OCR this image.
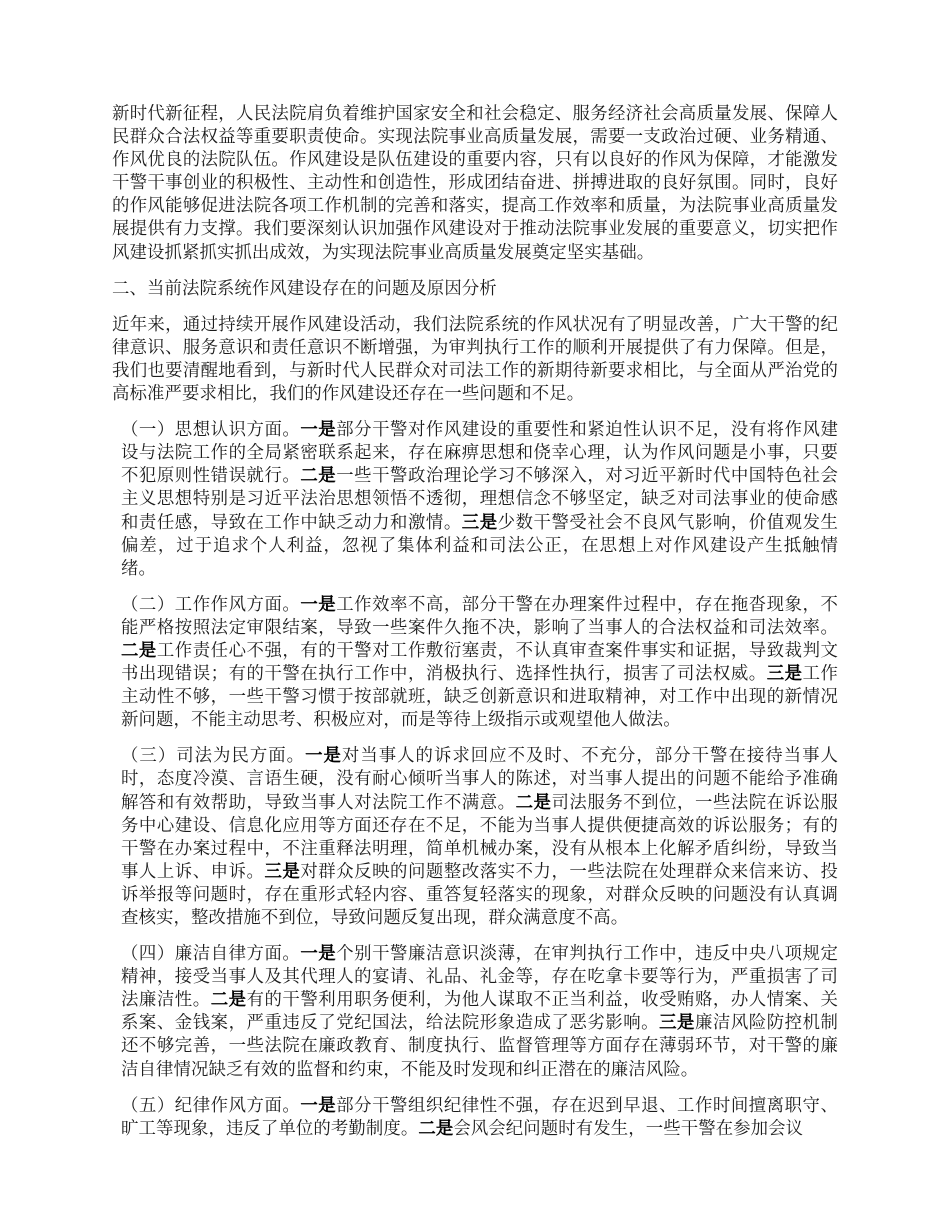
新时代新征程，人民法院肩负着维护国家安全和社会稳定、服务经济社会高质量发展、保障人民群众合法权益等重要职责使命。实现法院事业高质量发展，需要一支政治过硬、业务精通、作风优良的法院队伍。作风建设是队伍建设的重要内容，只有以良好的作风为保障，才能激发干警干事创业的积极性、主动性和创造性，形成团结奋进、拼搏进取的良好氛围。同时，良好的作风能够促进法院各项工作机制的完善和落实，提高工作效率和质量，为法院事业高质量发展提供有力支撑。我们要深刻认识加强作风建设对于推动法院事业发展的重要意义，切实把作风建设抓紧抓实抓出成效，为实现法院事业高质量发展奠定坚实基础。

二、当前法院系统作风建设存在的问题及原因分析

近年来，通过持续开展作风建设活动，我们法院系统的作风状况有了明显改善，广大干警的纪律意识、服务意识和责任意识不断增强，为审判执行工作的顺利开展提供了有力保障。但是，我们也要清醒地看到，与新时代人民群众对司法工作的新期待新要求相比，与全面从严治党的高标准严要求相比，我们的作风建设还存在一些问题和不足。

（一）思想认识方面。一是部分干警对作风建设的重要性和紧迫性认识不足，没有将作风建设与法院工作的全局紧密联系起来，存在麻痹思想和侥幸心理，认为作风问题是小事，只要不犯原则性错误就行。二是一些干警政治理论学习不够深入，对习近平新时代中国特色社会主义思想特别是习近平法治思想领悟不透彻，理想信念不够坚定，缺乏对司法事业的使命感和责任感，导致在工作中缺乏动力和激情。三是少数干警受社会不良风气影响，价值观发生偏差，过于追求个人利益，忽视了集体利益和司法公正，在思想上对作风建设产生抵触情绪。

（二）工作作风方面。一是工作效率不高，部分干警在办理案件过程中，存在拖沓现象，不能严格按照法定审限结案，导致一些案件久拖不决，影响了当事人的合法权益和司法效率。二是工作责任心不强，有的干警对工作敷衍塞责，不认真审查案件事实和证据，导致裁判文书出现错误；有的干警在执行工作中，消极执行、选择性执行，损害了司法权威。三是工作主动性不够，一些干警习惯于按部就班，缺乏创新意识和进取精神，对工作中出现的新情况新问题，不能主动思考、积极应对，而是等待上级指示或观望他人做法。

（三）司法为民方面。一是对当事人的诉求回应不及时、不充分，部分干警在接待当事人时，态度冷漠、言语生硬，没有耐心倾听当事人的陈述，对当事人提出的问题不能给予准确解答和有效帮助，导致当事人对法院工作不满意。二是司法服务不到位，一些法院在诉讼服务中心建设、信息化应用等方面还存在不足，不能为当事人提供便捷高效的诉讼服务；有的干警在办案过程中，不注重释法明理，简单机械办案，没有从根本上化解矛盾纠纷，导致当事人上诉、申诉。三是对群众反映的问题整改落实不力，一些法院在处理群众来信来访、投诉举报等问题时，存在重形式轻内容、重答复轻落实的现象，对群众反映的问题没有认真调查核实，整改措施不到位，导致问题反复出现，群众满意度不高。

（四）廉洁自律方面。一是个别干警廉洁意识淡薄，在审判执行工作中，违反中央八项规定精神，接受当事人及其代理人的宴请、礼品、礼金等，存在吃拿卡要等行为，严重损害了司法廉洁性。二是有的干警利用职务便利，为他人谋取不正当利益，收受贿赂，办人情案、关系案、金钱案，严重违反了党纪国法，给法院形象造成了恶劣影响。三是廉洁风险防控机制还不够完善，一些法院在廉政教育、制度执行、监督管理等方面存在薄弱环节，对干警的廉洁自律情况缺乏有效的监督和约束，不能及时发现和纠正潜在的廉洁风险。

（五）纪律作风方面。一是部分干警组织纪律性不强，存在迟到早退、工作时间擅离职守、旷工等现象，违反了单位的考勤制度。二是会风会纪问题时有发生，一些干警在参加会议
